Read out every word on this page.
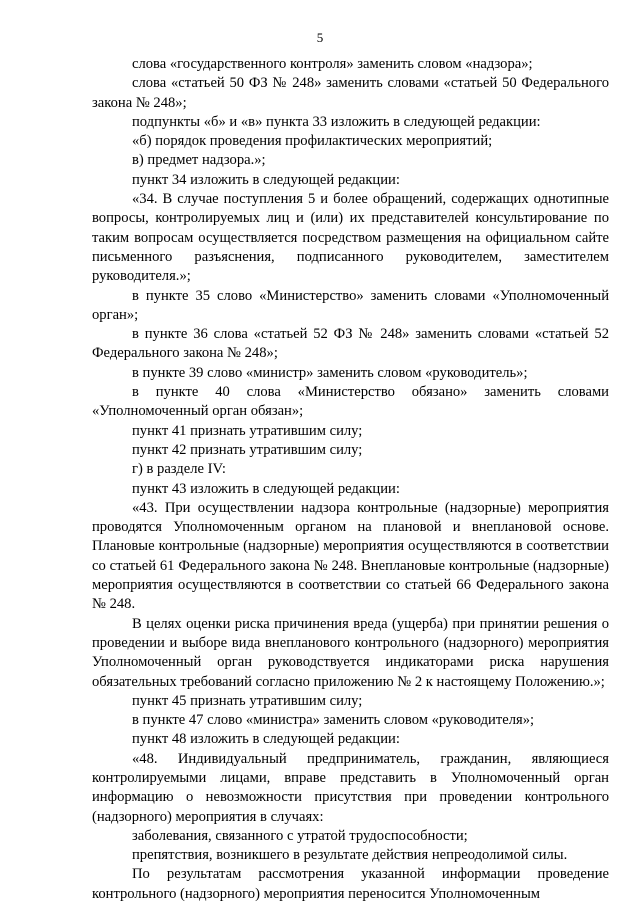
5

слова «государственного контроля» заменить словом «надзора»;

слова «статьей 50 ФЗ № 248» заменить словами «статьей 50 Федерального закона № 248»;

подпункты «б» и «в» пункта 33 изложить в следующей редакции:

«б) порядок проведения профилактических мероприятий;

в) предмет надзора.»;

пункт 34 изложить в следующей редакции:

«34. В случае поступления 5 и более обращений, содержащих однотипные вопросы, контролируемых лиц и (или) их представителей консультирование по таким вопросам осуществляется посредством размещения на официальном сайте письменного разъяснения, подписанного руководителем, заместителем руководителя.»;

в пункте 35 слово «Министерство» заменить словами «Уполномоченный орган»;

в пункте 36 слова «статьей 52 ФЗ № 248» заменить словами «статьей 52 Федерального закона № 248»;

в пункте 39 слово «министр» заменить словом «руководитель»;

в пункте 40 слова «Министерство обязано» заменить словами «Уполномоченный орган обязан»;

пункт 41 признать утратившим силу;

пункт 42 признать утратившим силу;

г) в разделе IV:

пункт 43 изложить в следующей редакции:

«43. При осуществлении надзора контрольные (надзорные) мероприятия проводятся Уполномоченным органом на плановой и внеплановой основе. Плановые контрольные (надзорные) мероприятия осуществляются в соответствии со статьей 61 Федерального закона № 248. Внеплановые контрольные (надзорные) мероприятия осуществляются в соответствии со статьей 66 Федерального закона № 248.

В целях оценки риска причинения вреда (ущерба) при принятии решения о проведении и выборе вида внепланового контрольного (надзорного) мероприятия Уполномоченный орган руководствуется индикаторами риска нарушения обязательных требований согласно приложению № 2 к настоящему Положению.»;

пункт 45 признать утратившим силу;

в пункте 47 слово «министра» заменить словом «руководителя»;

пункт 48 изложить в следующей редакции:

«48. Индивидуальный предприниматель, гражданин, являющиеся контролируемыми лицами, вправе представить в Уполномоченный орган информацию о невозможности присутствия при проведении контрольного (надзорного) мероприятия в случаях:

заболевания, связанного с утратой трудоспособности;

препятствия, возникшего в результате действия непреодолимой силы.

По результатам рассмотрения указанной информации проведение контрольного (надзорного) мероприятия переносится Уполномоченным
